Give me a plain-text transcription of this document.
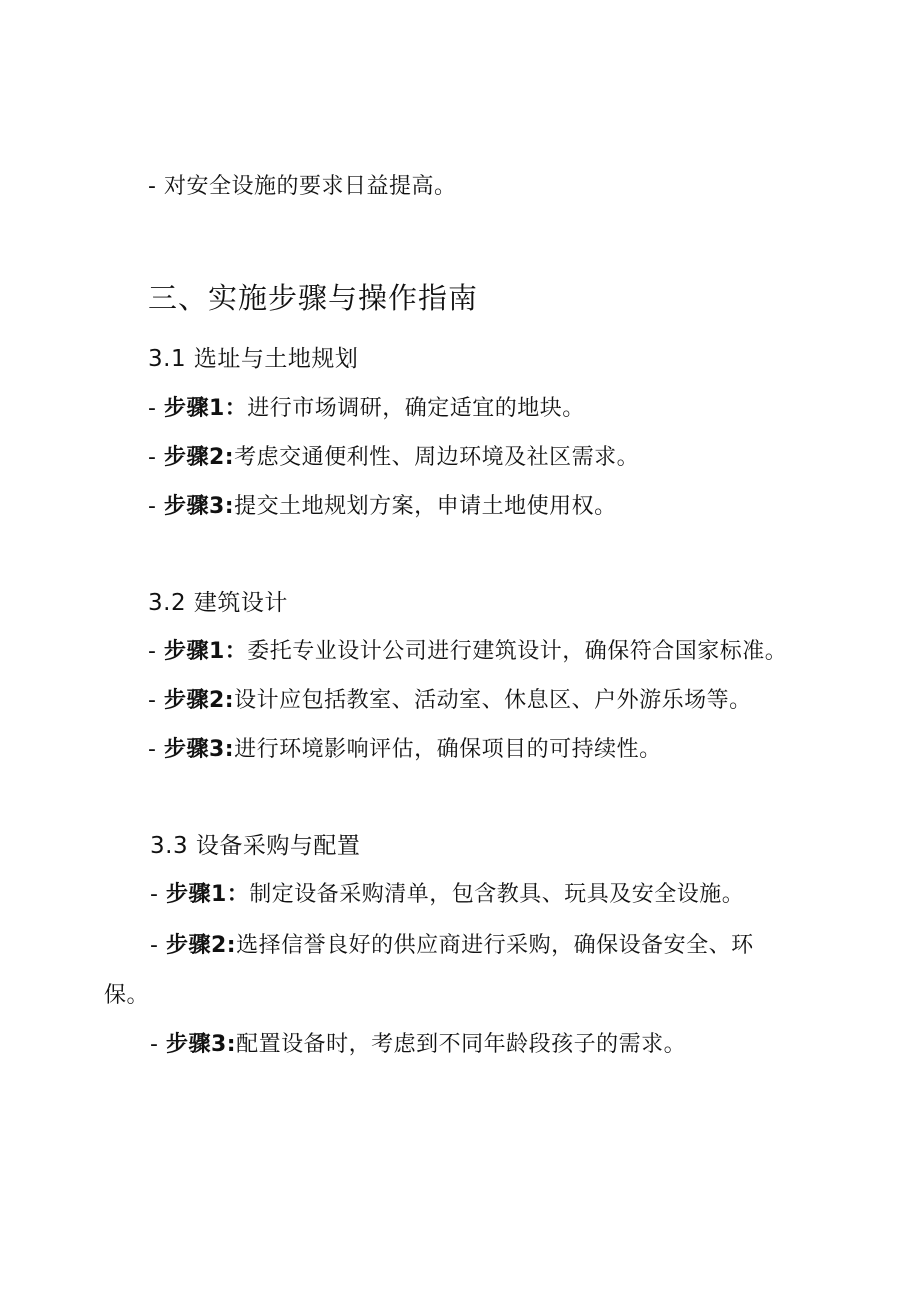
- 对安全设施的要求日益提高。
三、实施步骤与操作指南
3.1 选址与土地规划
- 步骤1：进行市场调研，确定适宜的地块。
- 步骤2:考虑交通便利性、周边环境及社区需求。
- 步骤3:提交土地规划方案，申请土地使用权。
3.2 建筑设计
- 步骤1：委托专业设计公司进行建筑设计，确保符合国家标准。
- 步骤2:设计应包括教室、活动室、休息区、户外游乐场等。
- 步骤3:进行环境影响评估，确保项目的可持续性。
3.3 设备采购与配置
- 步骤1：制定设备采购清单，包含教具、玩具及安全设施。
- 步骤2:选择信誉良好的供应商进行采购，确保设备安全、环
保。
- 步骤3:配置设备时，考虑到不同年龄段孩子的需求。
